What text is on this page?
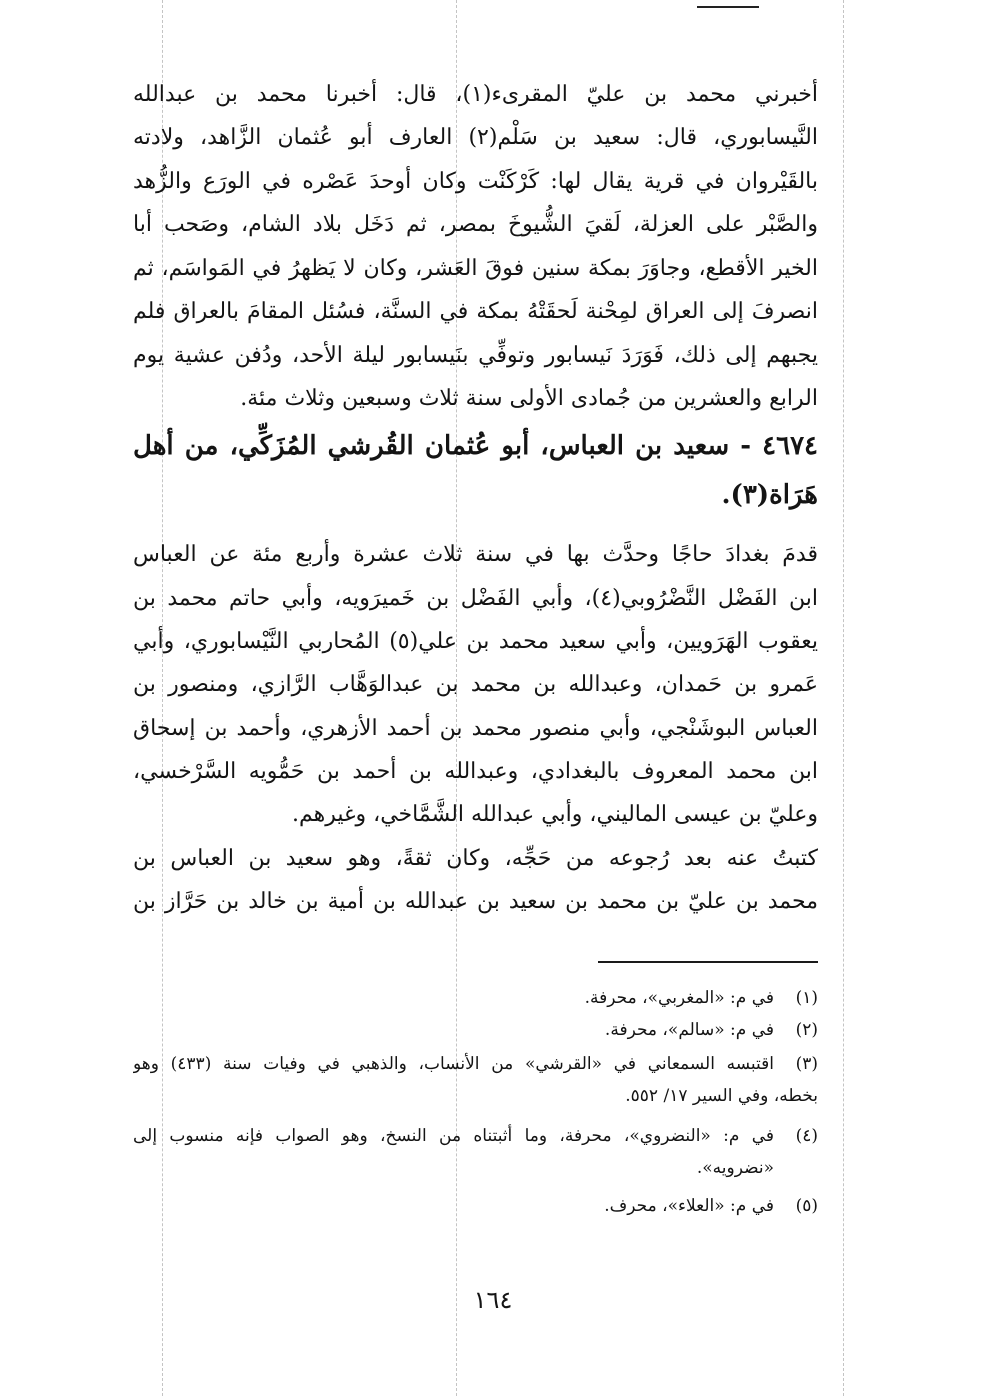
أخبرني محمد بن عليّ المقرىء(١)، قال: أخبرنا محمد بن عبدالله
النَّيسابوري، قال: سعيد بن سَلْم(٢) العارف أبو عُثمان الزَّاهد، ولادته
بالقَيْروان في قرية يقال لها: كَرْكَنْت وكان أوحدَ عَصْره في الورَع والزُّهد
والصَّبْر على العزلة، لَقيَ الشُّيوخَ بمصر، ثم دَخَل بلاد الشام، وصَحب أبا
الخير الأقطع، وجاوَرَ بمكة سنين فوقَ العَشر، وكان لا يَظهرُ في المَواسَم، ثم
انصرفَ إلى العراق لمِحْنة لَحقَتْهُ بمكة في السنَّة، فسُئل المقامَ بالعراق فلم
يجبهم إلى ذلك، فَوَرَدَ نَيسابور وتوفِّي بنَيسابور ليلة الأحد، ودُفن عشية يوم
الرابع والعشرين من جُمادى الأولى سنة ثلاث وسبعين وثلاث مئة.
٤٦٧٤ - سعيد بن العباس، أبو عُثمان القُرشي المُزَكِّي، من أهل
هَرَاة(٣).
قدمَ بغدادَ حاجًا وحدَّث بها في سنة ثلاث عشرة وأربع مئة عن العباس
ابن الفَضْل النَّضْرُوبي(٤)، وأبي الفَضْل بن خَميرَويه، وأبي حاتم محمد بن
يعقوب الهَرَويين، وأبي سعيد محمد بن علي(٥) المُحاربي النَّيْسابوري، وأبي
عَمرو بن حَمدان، وعبدالله بن محمد بن عبدالوَهَّاب الرَّازي، ومنصور بن
العباس البوشَنْجي، وأبي منصور محمد بن أحمد الأزهري، وأحمد بن إسحاق
ابن محمد المعروف بالبغدادي، وعبدالله بن أحمد بن حَمُّويه السَّرْخسي،
وعليّ بن عيسى الماليني، وأبي عبدالله الشَّمَّاخي، وغيرهم.
كتبتُ عنه بعد رُجوعه من حَجِّه، وكان ثقةً، وهو سعيد بن العباس بن
محمد بن عليّ بن محمد بن سعيد بن عبدالله بن أمية بن خالد بن حَرَّاز بن
(١)
في م: «المغربي»، محرفة.
(٢)
في م: «سالم»، محرفة.
(٣)
اقتبسه السمعاني في «القرشي» من الأنساب، والذهبي في وفيات سنة (٤٣٣) وهو
بخطه، وفي السير ١٧/ ٥٥٢.
(٤)
في م: «النضروي»، محرفة، وما أثبتناه من النسخ، وهو الصواب فإنه منسوب إلى
«نضرويه».
(٥)
في م: «العلاء»، محرف.
١٦٤
